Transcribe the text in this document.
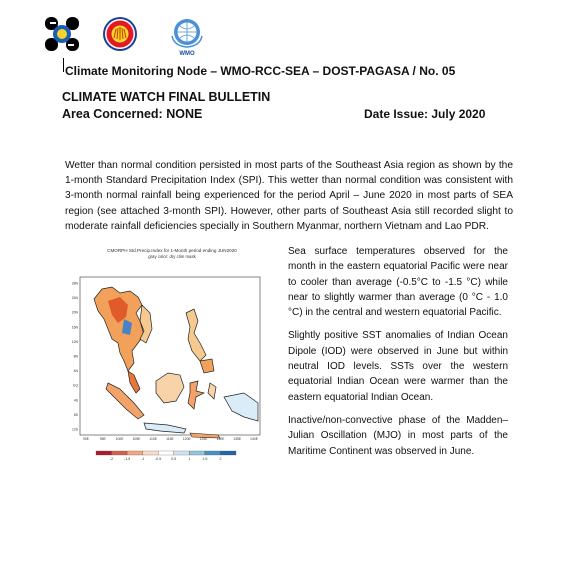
WMO
Climate Monitoring Node – WMO-RCC-SEA – DOST-PAGASA / No. 05
CLIMATE WATCH FINAL BULLETIN
Area Concerned: NONE	Date Issue: July 2020
Wetter than normal condition persisted in most parts of the Southeast Asia region as shown by the 1-month Standard Precipitation Index (SPI). This wetter than normal condition was consistent with 3-month normal rainfall being experienced for the period April – June 2020 in most parts of SEA region (see attached 3-month SPI). However, other parts of Southeast Asia still recorded slight to moderate rainfall deficiencies specially in Southern Myanmar, northern Vietnam and Lao PDR.
CMORPH Std.Precip.Index for 1-Month period ending JUN2020
gray color: dry clim mask
28N
24N
20N
16N
12N
8N
4N
EQ
4S
8S
12S
90E	95E	100E	105E	110E	115E	120E	125E	130E	135E	140E
-2	-1.5	-1	-0.5	0.5	1	1.5	2

Sea surface temperatures observed for the month in the eastern equatorial Pacific were near to cooler than average (-0.5°C to -1.5 °C) while near to slightly warmer than average (0 °C - 1.0 °C) in the central and western equatorial Pacific.

Slightly positive SST anomalies of Indian Ocean Dipole (IOD) were observed in June but within neutral IOD levels. SSTs over the western equatorial Indian Ocean were warmer than the eastern equatorial Indian Ocean.

Inactive/non-convective phase of the Madden–Julian Oscillation (MJO) in most parts of the Maritime Continent was observed in June.
